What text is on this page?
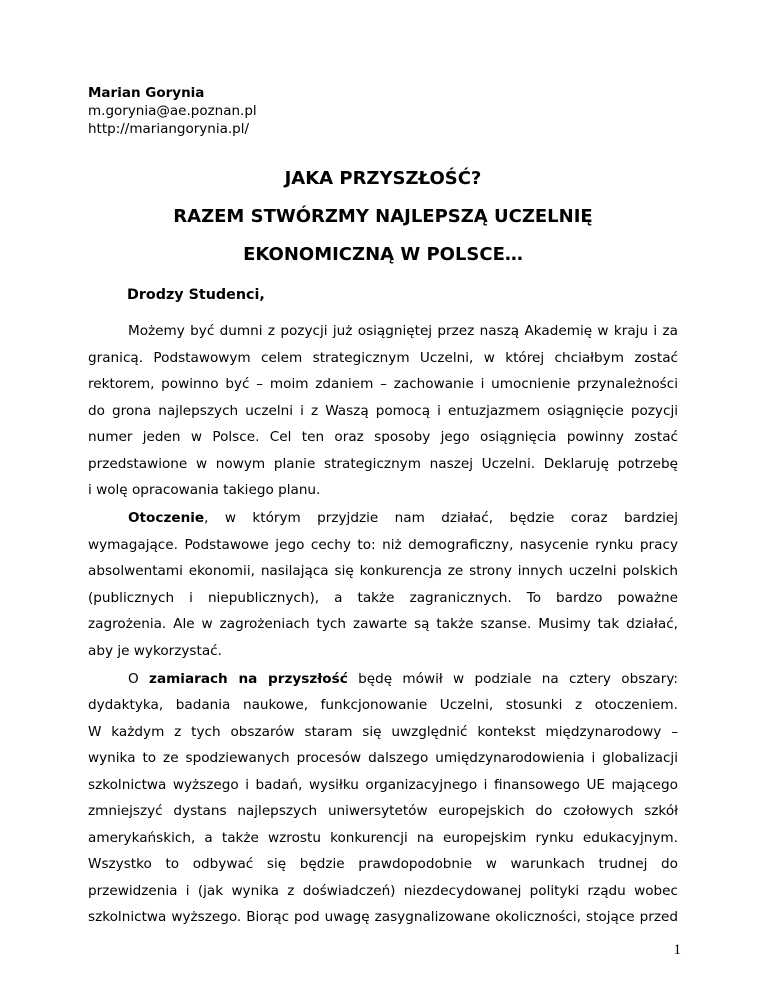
Marian Gorynia
m.gorynia@ae.poznan.pl
http://mariangorynia.pl/
JAKA PRZYSZŁOŚĆ?
RAZEM STWÓRZMY NAJLEPSZĄ UCZELNIĘ
EKONOMICZNĄ W POLSCE…
Drodzy Studenci,
Możemy być dumni z pozycji już osiągniętej przez naszą Akademię w kraju i za
granicą. Podstawowym celem strategicznym Uczelni, w której chciałbym zostać
rektorem, powinno być – moim zdaniem – zachowanie i umocnienie przynależności
do grona najlepszych uczelni i z Waszą pomocą i entuzjazmem osiągnięcie pozycji
numer jeden w Polsce. Cel ten oraz sposoby jego osiągnięcia powinny zostać
przedstawione w nowym planie strategicznym naszej Uczelni. Deklaruję potrzebę
i wolę opracowania takiego planu.
Otoczenie, w którym przyjdzie nam działać, będzie coraz bardziej
wymagające. Podstawowe jego cechy to: niż demograficzny, nasycenie rynku pracy
absolwentami ekonomii, nasilająca się konkurencja ze strony innych uczelni polskich
(publicznych i niepublicznych), a także zagranicznych. To bardzo poważne
zagrożenia. Ale w zagrożeniach tych zawarte są także szanse. Musimy tak działać,
aby je wykorzystać.
O zamiarach na przyszłość będę mówił w podziale na cztery obszary:
dydaktyka, badania naukowe, funkcjonowanie Uczelni, stosunki z otoczeniem.
W każdym z tych obszarów staram się uwzględnić kontekst międzynarodowy –
wynika to ze spodziewanych procesów dalszego umiędzynarodowienia i globalizacji
szkolnictwa wyższego i badań, wysiłku organizacyjnego i finansowego UE mającego
zmniejszyć dystans najlepszych uniwersytetów europejskich do czołowych szkół
amerykańskich, a także wzrostu konkurencji na europejskim rynku edukacyjnym.
Wszystko to odbywać się będzie prawdopodobnie w warunkach trudnej do
przewidzenia i (jak wynika z doświadczeń) niezdecydowanej polityki rządu wobec
szkolnictwa wyższego. Biorąc pod uwagę zasygnalizowane okoliczności, stojące przed
1
